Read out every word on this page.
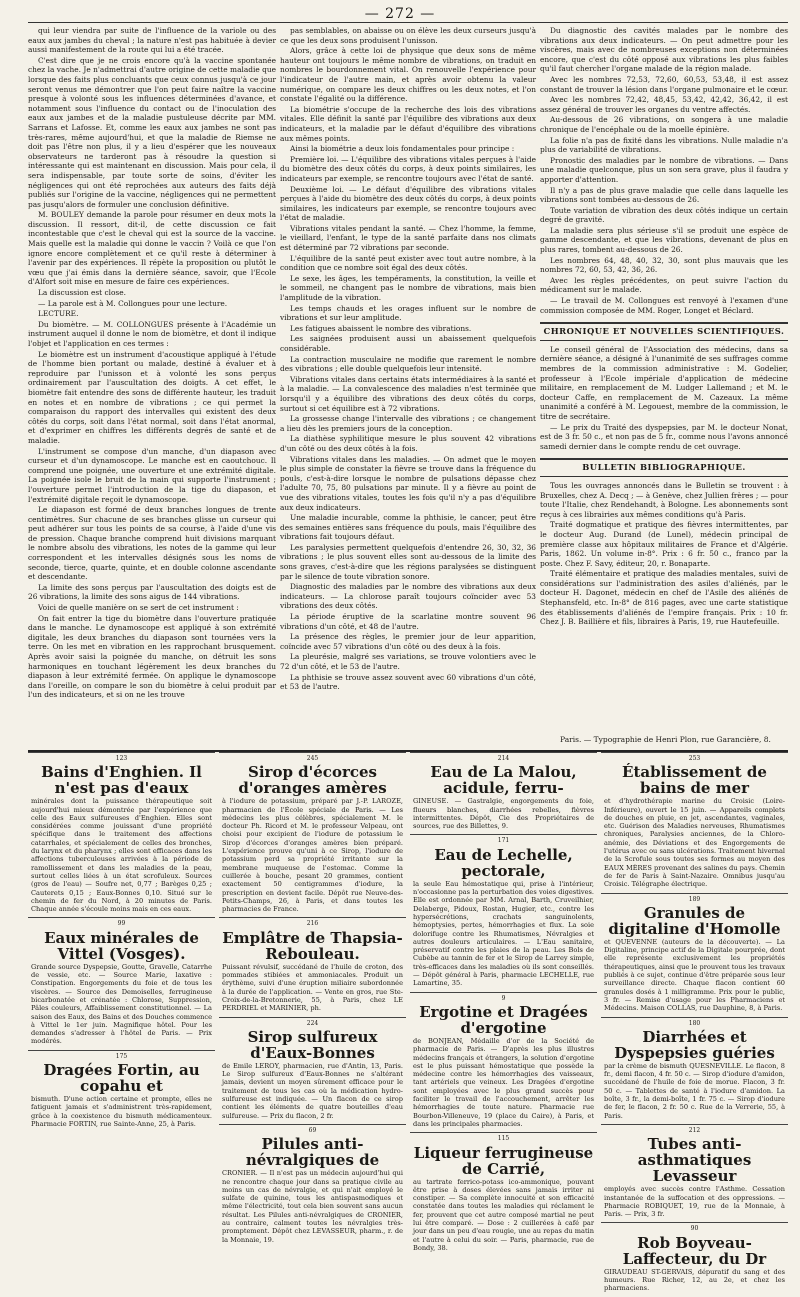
— 272 —

qui leur viendra par suite de l'influence de la variole ou des eaux aux jambes du cheval ; la nature n'est pas habituée à devier aussi manifestement de la route qui lui a été tracée.

C'est dire que je ne crois encore qu'à la vaccine spontanée chez la vache. Je n'admettrai d'autre origine de cette maladie que lorsque des faits plus concluants que ceux connus jusqu'à ce jour seront venus me démontrer que l'on peut faire naître la vaccine presque à volonté sous les influences déterminées d'avance, et notamment sous l'influence du contact ou de l'inoculation des eaux aux jambes et de la maladie pustuleuse décrite par MM. Sarrans et Lafosse. Et, comme les eaux aux jambes ne sont pas très-rares, même aujourd'hui, et que la maladie de Riemse ne doit pas l'être non plus, il y a lieu d'espérer que les nouveaux observateurs ne tarderont pas à résoudre la question si intéressante qui est maintenant en discussion. Mais pour cela, il sera indispensable, par toute sorte de soins, d'éviter les négligences qui ont été reprochées aux auteurs des faits déjà publiés sur l'origine de la vaccine, négligences qui ne permettent pas jusqu'alors de formuler une conclusion définitive.

M. BOULEY demande la parole pour résumer en deux mots la discussion. Il ressort, dit-il, de cette discussion ce fait incontestable que c'est le cheval qui est la source de la vaccine. Mais quelle est la maladie qui donne le vaccin ? Voilà ce que l'on ignore encore complètement et ce qu'il reste à déterminer à l'avenir par des expériences. Il répète la proposition ou plutôt le vœu que j'ai émis dans la dernière séance, savoir, que l'Ecole d'Alfort soit mise en mesure de faire ces expériences.

La discussion est close.

— La parole est à M. Collongues pour une lecture.

LECTURE.

Du biomètre. — M. COLLONGUES présente à l'Académie un instrument auquel il donne le nom de biomètre, et dont il indique l'objet et l'application en ces termes :

Le biomètre est un instrument d'acoustique appliqué à l'étude de l'homme bien portant ou malade, destiné à évaluer et à reproduire par l'unisson et à volonté les sons perçus ordinairement par l'auscultation des doigts. A cet effet, le biomètre fait entendre des sons de différente hauteur, les traduit en notes et en nombre de vibrations ; ce qui permet la comparaison du rapport des intervalles qui existent des deux côtés du corps, soit dans l'état normal, soit dans l'état anormal, et d'exprimer en chiffres les différents degrés de santé et de maladie.

L'instrument se compose d'un manche, d'un diapason avec curseur et d'un dynamoscope. Le manche est en caoutchouc. Il comprend une poignée, une ouverture et une extrémité digitale. La poignée isole le bruit de la main qui supporte l'instrument ; l'ouverture permet l'introduction de la tige du diapason, et l'extrémité digitale reçoit le dynamoscope.

Le diapason est formé de deux branches longues de trente centimètres. Sur chacune de ses branches glisse un curseur qui peut adhérer sur tous les points de sa course, à l'aide d'une vis de pression. Chaque branche comprend huit divisions marquant le nombre absolu des vibrations, les notes de la gamme qui leur correspondent et les intervalles désignés sous les noms de seconde, tierce, quarte, quinte, et en double colonne ascendante et descendante.

La limite des sons perçus par l'auscultation des doigts est de 26 vibrations, la limite des sons aigus de 144 vibrations.

Voici de quelle manière on se sert de cet instrument :

On fait entrer la tige du biomètre dans l'ouverture pratiquée dans le manche. Le dynamoscope est appliqué à son extrémité digitale, les deux branches du diapason sont tournées vers la terre. On les met en vibration en les rapprochant brusquement. Après avoir saisi la poignée du manche, on détruit les sons harmoniques en touchant légèrement les deux branches du diapason à leur extrémité fermée. On applique le dynamoscope dans l'oreille, on compare le son du biomètre à celui produit par l'un des indicateurs, et si on ne les trouve

pas semblables, on abaisse ou on élève les deux curseurs jusqu'à ce que les deux sons produisent l'unisson.

Alors, grâce à cette loi de physique que deux sons de même hauteur ont toujours le même nombre de vibrations, on traduit en nombres le bourdonnement vital. On renouvelle l'expérience pour l'indicateur de l'autre main, et après avoir obtenu la valeur numérique, on compare les deux chiffres ou les deux notes, et l'on constate l'égalité ou la différence.

La biométrie s'occupe de la recherche des lois des vibrations vitales. Elle définit la santé par l'équilibre des vibrations aux deux indicateurs, et la maladie par le défaut d'équilibre des vibrations aux mêmes points.

Ainsi la biométrie a deux lois fondamentales pour principe :

Première loi. — L'équilibre des vibrations vitales perçues à l'aide du biomètre des deux côtés du corps, à deux points similaires, les indicateurs par exemple, se rencontre toujours avec l'état de santé.

Deuxième loi. — Le défaut d'équilibre des vibrations vitales perçues à l'aide du biomètre des deux côtés du corps, à deux points similaires, les indicateurs par exemple, se rencontre toujours avec l'état de maladie.

Vibrations vitales pendant la santé. — Chez l'homme, la femme, le vieillard, l'enfant, le type de la santé parfaite dans nos climats est déterminé par 72 vibrations par seconde.

L'équilibre de la santé peut exister avec tout autre nombre, à la condition que ce nombre soit égal des deux côtés.

Le sexe, les âges, les tempéraments, la constitution, la veille et le sommeil, ne changent pas le nombre de vibrations, mais bien l'amplitude de la vibration.

Les temps chauds et les orages influent sur le nombre de vibrations et sur leur amplitude.

Les fatigues abaissent le nombre des vibrations.

Les saignées produisent aussi un abaissement quelquefois considérable.

La contraction musculaire ne modifie que rarement le nombre des vibrations ; elle double quelquefois leur intensité.

Vibrations vitales dans certains états intermédiaires à la santé et à la maladie. — La convalescence des maladies n'est terminée que lorsqu'il y a équilibre des vibrations des deux côtés du corps, surtout si cet équilibre est à 72 vibrations.

La grossesse change l'intervalle des vibrations ; ce changement a lieu dès les premiers jours de la conception.

La diathèse syphilitique mesure le plus souvent 42 vibrations d'un côté ou des deux côtés à la fois.

Vibrations vitales dans les maladies. — On admet que le moyen le plus simple de constater la fièvre se trouve dans la fréquence du pouls, c'est-à-dire lorsque le nombre de pulsations dépasse chez l'adulte 70, 75, 80 pulsations par minute. Il y a fièvre au point de vue des vibrations vitales, toutes les fois qu'il n'y a pas d'équilibre aux deux indicateurs.

Une maladie incurable, comme la phthisie, le cancer, peut être des semaines entières sans fréquence du pouls, mais l'équilibre des vibrations fait toujours défaut.

Les paralysies permettent quelquefois d'entendre 26, 30, 32, 36 vibrations ; le plus souvent elles sont au-dessous de la limite des sons graves, c'est-à-dire que les régions paralysées se distinguent par le silence de toute vibration sonore.

Diagnostic des maladies par le nombre des vibrations aux deux indicateurs. — La chlorose paraît toujours coïncider avec 53 vibrations des deux côtés.

La période éruptive de la scarlatine montre souvent 96 vibrations d'un côté, et 48 de l'autre.

La présence des règles, le premier jour de leur apparition, coïncide avec 57 vibrations d'un côté ou des deux à la fois.

La pleurésie, malgré ses variations, se trouve volontiers avec le 72 d'un côté, et le 53 de l'autre.

La phthisie se trouve assez souvent avec 60 vibrations d'un côté, et 53 de l'autre.

Du diagnostic des cavités malades par le nombre des vibrations aux deux indicateurs. — On peut admettre pour les viscères, mais avec de nombreuses exceptions non déterminées encore, que c'est du côté opposé aux vibrations les plus faibles qu'il faut chercher l'organe malade de la région malade.

Avec les nombres 72,53, 72,60, 60,53, 53,48, il est assez constant de trouver la lésion dans l'organe pulmonaire et le cœur.

Avec les nombres 72,42, 48,45, 53,42, 42,42, 36,42, il est assez général de trouver les organes du ventre affectés.

Au-dessous de 26 vibrations, on songera à une maladie chronique de l'encéphale ou de la moelle épinière.

La folie n'a pas de fixité dans les vibrations. Nulle maladie n'a plus de variabilité de vibrations.

Pronostic des maladies par le nombre de vibrations. — Dans une maladie quelconque, plus un son sera grave, plus il faudra y apporter d'attention.

Il n'y a pas de plus grave maladie que celle dans laquelle les vibrations sont tombées au-dessous de 26.

Toute variation de vibration des deux côtés indique un certain degré de gravité.

La maladie sera plus sérieuse s'il se produit une espèce de gamme descendante, et que les vibrations, devenant de plus en plus rares, tombent au-dessous de 26.

Les nombres 64, 48, 40, 32, 30, sont plus mauvais que les nombres 72, 60, 53, 42, 36, 26.

Avec les règles précédentes, on peut suivre l'action du médicament sur le malade.

— Le travail de M. Collongues est renvoyé à l'examen d'une commission composée de MM. Roger, Longet et Béclard.

CHRONIQUE ET NOUVELLES SCIENTIFIQUES.

Le conseil général de l'Association des médecins, dans sa dernière séance, a désigné à l'unanimité de ses suffrages comme membres de la commission administrative : M. Godelier, professeur à l'Ecole impériale d'application de médecine militaire, en remplacement de M. Ludger Lallemand ; et M. le docteur Caffe, en remplacement de M. Cazeaux. La même unanimité a conféré à M. Legouest, membre de la commission, le titre de secrétaire.

— Le prix du Traité des dyspepsies, par M. le docteur Nonat, est de 3 fr. 50 c., et non pas de 5 fr., comme nous l'avons annoncé samedi dernier dans le compte rendu de cet ouvrage.

BULLETIN BIBLIOGRAPHIQUE.

Tous les ouvrages annoncés dans le Bulletin se trouvent : à Bruxelles, chez A. Decq ; — à Genève, chez Jullien frères ; — pour toute l'Italie, chez Rendehandt, à Bologne. Les abonnements sont reçus à ces librairies aux mêmes conditions qu'à Paris.

Traité dogmatique et pratique des fièvres intermittentes, par le docteur Aug. Durand (de Lunel), médecin principal de première classe aux hôpitaux militaires de France et d'Algérie. Paris, 1862. Un volume in-8°. Prix : 6 fr. 50 c., franco par la poste. Chez F. Savy, éditeur, 20, r. Bonaparte.

Traité élémentaire et pratique des maladies mentales, suivi de considérations sur l'administration des asiles d'aliénés, par le docteur H. Dagonet, médecin en chef de l'Asile des aliénés de Stephansfeld, etc. In-8° de 816 pages, avec une carte statistique des établissements d'aliénés de l'empire français. Prix : 10 fr. Chez J. B. Baillière et fils, libraires à Paris, 19, rue Hautefeuille.

Paris. — Typographie de Henri Plon, rue Garancière, 8.
123
Bains d'Enghien. Il n'est pas d'eaux
minérales dont la puissance thérapeutique soit aujourd'hui mieux démontrée par l'expérience que celle des Eaux sulfureuses d'Enghien. Elles sont considérées comme jouissant d'une propriété spécifique dans le traitement des affections catarrhales, et spécialement de celles des bronches, du larynx et du pharynx ; elles sont efficaces dans les affections tuberculeuses arrivées à la période de ramollissement et dans les maladies de la peau, surtout celles liées à un état scrofuleux. Sources (gros de l'eau) — Soufre net, 0,77 ; Barèges 0,25 ; Cauterets 0,15 ; Eaux-Bonnes 0,10. Situé sur le chemin de fer du Nord, à 20 minutes de Paris. Chaque année s'écoule moins mais en ces eaux.
99
Eaux minérales de Vittel (Vosges).
Grande source Dyspepsie, Goutte, Gravelle, Catarrhe de vessie, etc. — Source Marie, laxative : Constipation. Engorgements du foie et de tous les viscères. — Source des Demoiselles, ferrugineuse bicarbonatée et crénatée : Chlorose, Suppression, Pâles couleurs, Affaiblissement constitutionnel. — La saison des Eaux, des Bains et des Douches commence à Vittel le 1er juin. Magnifique hôtel. Pour les demandes s'adresser à l'hôtel de Paris. — Prix modérés.
175
Dragées Fortin, au copahu et
bismuth. D'une action certaine et prompte, elles ne fatiguent jamais et s'administrent très-rapidement, grâce à la coexistence du bismuth médicamenteux. Pharmacie FORTIN, rue Sainte-Anne, 25, à Paris.
245
Sirop d'écorces d'oranges amères
à l'iodure de potassium, préparé par J.-P. LAROZE, pharmacien de l'École spéciale de Paris. — Les médecins les plus célèbres, spécialement M. le docteur Ph. Ricord et M. le professeur Velpeau, ont choisi pour excipient de l'iodure de potassium le Sirop d'écorces d'oranges amères bien préparé. L'expérience prouve qu'uni à ce Sirop, l'iodure de potassium perd sa propriété irritante sur la membrane muqueuse de l'estomac. Comme la cuillerée à bouche, pesant 20 grammes, contient exactement 50 centigrammes d'iodure, la prescription en devient facile. Dépôt rue Neuve-des-Petits-Champs, 26, à Paris, et dans toutes les pharmacies de France.
216
Emplâtre de Thapsia-Rebouleau.
Puissant révulsif, succédané de l'huile de croton, des pommades stibiées et ammoniacales. Produit un érythème, suivi d'une éruption miliaire subordonnée à la durée de l'application. — Vente en gros, rue Ste-Croix-de-la-Bretonnerie, 55, à Paris, chez LE PERDRIEL et MARINIER, ph.
224
Sirop sulfureux d'Eaux-Bonnes
de Emile LEROY, pharmacien, rue d'Antin, 13, Paris. Le Sirop sulfureux d'Eaux-Bonnes ne s'altérant jamais, devient un moyen sûrement efficace pour le traitement de tous les cas où la médication hydro-sulfureuse est indiquée. — Un flacon de ce sirop contient les éléments de quatre bouteilles d'eau sulfureuse. — Prix du flacon, 2 fr.
69
Pilules anti-névralgiques de
CRONIER. — Il n'est pas un médecin aujourd'hui qui ne rencontre chaque jour dans sa pratique civile au moins un cas de névralgie, et qui n'ait employé le sulfate de quinine, tous les antispasmodiques et même l'électricité, tout cela bien souvent sans aucun résultat. Les Pilules anti-névralgiques de CRONIER, au contraire, calment toutes les névralgies très-promptement. Dépôt chez LEVASSEUR, pharm., r. de la Monnaie, 19.
214
Eau de La Malou, acidule, ferru-
GINEUSE. — Gastralgie, engorgements du foie, flueurs blanches, diarrhées rebelles, fièvres intermittentes. Dépôt, Cie des Propriétaires de sources, rue des Billettes, 9.
171
Eau de Lechelle, pectorale,
la seule Eau hémostatique qui, prise à l'intérieur, n'occasionne pas la perturbation des voies digestives. Elle est ordonnée par MM. Arnal, Barth, Cruveilhier, Delaberge, Pidoux, Rostan, Hugier, etc., contre les hypersécrétions, crachats sanguinolents, hémoptysies, pertes, hémorrhagies et flux. La soie dolorifuge contre les Rhumatismes, Névralgies et autres douleurs articulaires. — L'Eau sanitaire, préservatif contre les plaies de la peau. Les Bols de Cubèbe au tannin de fer et le Sirop de Larrey simple, très-efficaces dans les maladies où ils sont conseillés. — Dépôt général à Paris, pharmacie LECHELLE, rue Lamartine, 35.
9
Ergotine et Dragées d'ergotine
de BONJEAN, Médaille d'or de la Société de pharmacie de Paris. — D'après les plus illustres médecins français et étrangers, la solution d'ergotine est le plus puissant hémostatique que possède la médecine contre les hémorrhagies des vaisseaux, tant artériels que veineux. Les Dragées d'ergotine sont employées avec le plus grand succès pour faciliter le travail de l'accouchement, arrêter les hémorrhagies de toute nature. Pharmacie rue Bourbon-Villeneuve, 19 (place du Caire), à Paris, et dans les principales pharmacies.
115
Liqueur ferrugineuse de Carrié,
au tartrate ferrico-potass ico-ammonique, pouvant être prise à doses élevées sans jamais irriter ni constiper. — Sa complète innocuité et son efficacité constatée dans toutes les maladies qui réclament le fer, prouvent que cet autre composé martial ne peut lui être comparé. — Dose : 2 cuillerées à café par jour dans un peu d'eau rougie, une au repas du matin et l'autre à celui du soir. — Paris, pharmacie, rue de Bondy, 38.
253
Établissement de bains de mer
et d'hydrothérapie marine du Croisic (Loire-Inférieure), ouvert le 15 juin. — Appareils complets de douches en pluie, en jet, ascendantes, vaginales, etc. Guérison des Maladies nerveuses, Rhumatismes chroniques, Paralysies anciennes, de la Chloro-anémie, des Déviations et des Engorgements de l'utérus avec ou sans ulcérations. Traitement hivernal de la Scrofule sous toutes ses formes au moyen des EAUX MÈRES provenant des salines du pays. Chemin de fer de Paris à Saint-Nazaire. Omnibus jusqu'au Croisic. Télégraphe électrique.
189
Granules de digitaline d'Homolle
et QUEVENNE (auteurs de la découverte). — La Digitaline, principe actif de la Digitale pourprée, dont elle représente exclusivement les propriétés thérapeutiques, ainsi que le prouvent tous les travaux publiés à ce sujet, continue d'être préparée sous leur surveillance directe. Chaque flacon contient 60 granules dosés à 1 milligramme. Prix pour le public, 3 fr. — Remise d'usage pour les Pharmaciens et Médecins. Maison COLLAS, rue Dauphine, 8, à Paris.
180
Diarrhées et Dyspepsies guéries
par la crème de bismuth QUESNEVILLE. Le flacon, 8 fr., demi flacon, 4 fr. 50 c. — Sirop d'iodure d'amidon, succédané de l'huile de foie de morue. Flacon, 3 fr. 50 c. — Tablettes de santé à l'iodure d'amidon. La boîte, 3 fr., la demi-boîte, 1 fr. 75 c. — Sirop d'iodure de fer, le flacon, 2 fr. 50 c. Rue de la Verrerie, 55, à Paris.
212
Tubes anti-asthmatiques Levasseur
employés avec succès contre l'Asthme. Cessation instantanée de la suffocation et des oppressions. — Pharmacie ROBIQUET, 19, rue de la Monnaie, à Paris. — Prix, 3 fr.
90
Rob Boyveau-Laffecteur, du Dr
GIRAUDEAU ST-GERVAIS, dépuratif du sang et des humeurs. Rue Richer, 12, au 2e, et chez les pharmaciens.
